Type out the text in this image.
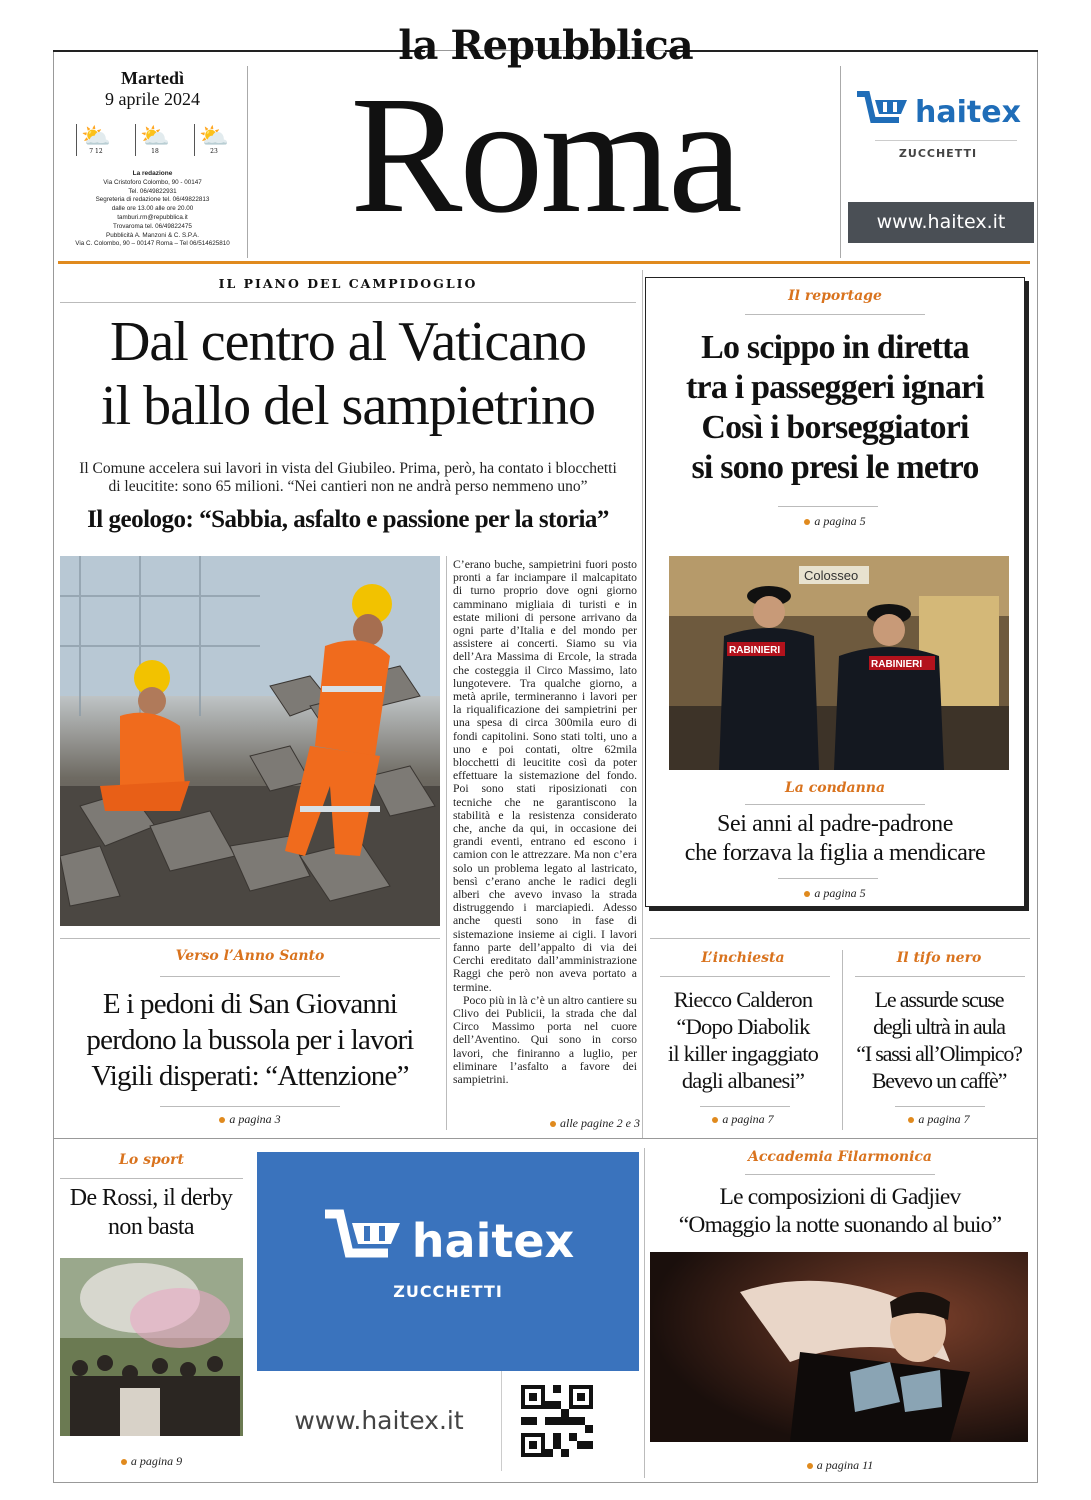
la Repubblica
Roma
Martedì
9 aprile 2024
⛅
7 12
⛅
18
⛅
23
La redazione
Via Cristoforo Colombo, 90 - 00147
Tel. 06/49822931
Segreteria di redazione tel. 06/49822813
dalle ore 13.00 alle ore 20.00
tamburi.rm@repubblica.it
Trovaroma tel. 06/49822475
Pubblicità A. Manzoni & C. S.P.A.
Via C. Colombo, 90 – 00147 Roma – Tel 06/514625810
haitex
ZUCCHETTI
www.haitex.it
IL PIANO DEL CAMPIDOGLIO
Dal centro al Vaticano
il ballo del sampietrino
Il Comune accelera sui lavori in vista del Giubileo. Prima, però, ha contato i blocchetti
di leucitite: sono 65 milioni. “Nei cantieri non ne andrà perso nemmeno uno”
Il geologo: “Sabbia, asfalto e passione per la storia”

C’erano buche, sampietrini fuori posto pronti a far inciampare il malcapitato di turno proprio dove ogni giorno camminano migliaia di turisti e in estate milioni di persone arrivano da ogni parte d’Italia e del mondo per assistere ai concerti. Siamo su via dell’Ara Massima di Ercole, la strada che costeggia il Circo Massimo, lato lungotevere. Tra qualche giorno, a metà aprile, termineranno i lavori per la riqualificazione dei sampietrini per una spesa di circa 300mila euro di fondi capitolini. Sono stati tolti, uno a uno e poi contati, oltre 62mila blocchetti di leucitite così da poter effettuare la sistemazione del fondo. Poi sono stati riposizionati con tecniche che ne garantiscono la stabilità e la resistenza considerato che, anche da qui, in occasione dei grandi eventi, entrano ed escono i camion con le attrezzare. Ma non c’era solo un problema legato al lastricato, bensì c’erano anche le radici degli alberi che avevo invaso la strada distruggendo i marciapiedi. Adesso anche questi sono in fase di sistemazione insieme ai cigli. I lavori fanno parte dell’appalto di via dei Cerchi ereditato dall’amministrazione Raggi che però non aveva portato a termine.

Poco più in là c’è un altro cantiere su Clivo dei Publicii, la strada che dal Circo Massimo porta nel cuore dell’Aventino. Qui sono in corso lavori, che finiranno a luglio, per eliminare l’asfalto a favore dei sampietrini.

alle pagine 2 e 3
Verso l’Anno Santo
E i pedoni di San Giovanni
perdono la bussola per i lavori
Vigili disperati: “Attenzione”
a pagina 3
Il reportage
Lo scippo in diretta
tra i passeggeri ignari
Così i borseggiatori
si sono presi le metro
a pagina 5
Colosseo
RABINIERI
RABINIERI
La condanna
Sei anni al padre-padrone
che forzava la figlia a mendicare
a pagina 5
L’inchiesta
Riecco Calderon
“Dopo Diabolik
il killer ingaggiato
dagli albanesi”
a pagina 7
Il tifo nero
Le assurde scuse
degli ultrà in aula
“I sassi all’Olimpico?
Bevevo un caffè”
a pagina 7
Lo sport
De Rossi, il derby
non basta
a pagina 9
haitex
ZUCCHETTI
www.haitex.it
Accademia Filarmonica
Le composizioni di Gadjiev
“Omaggio la notte suonando al buio”
a pagina 11
